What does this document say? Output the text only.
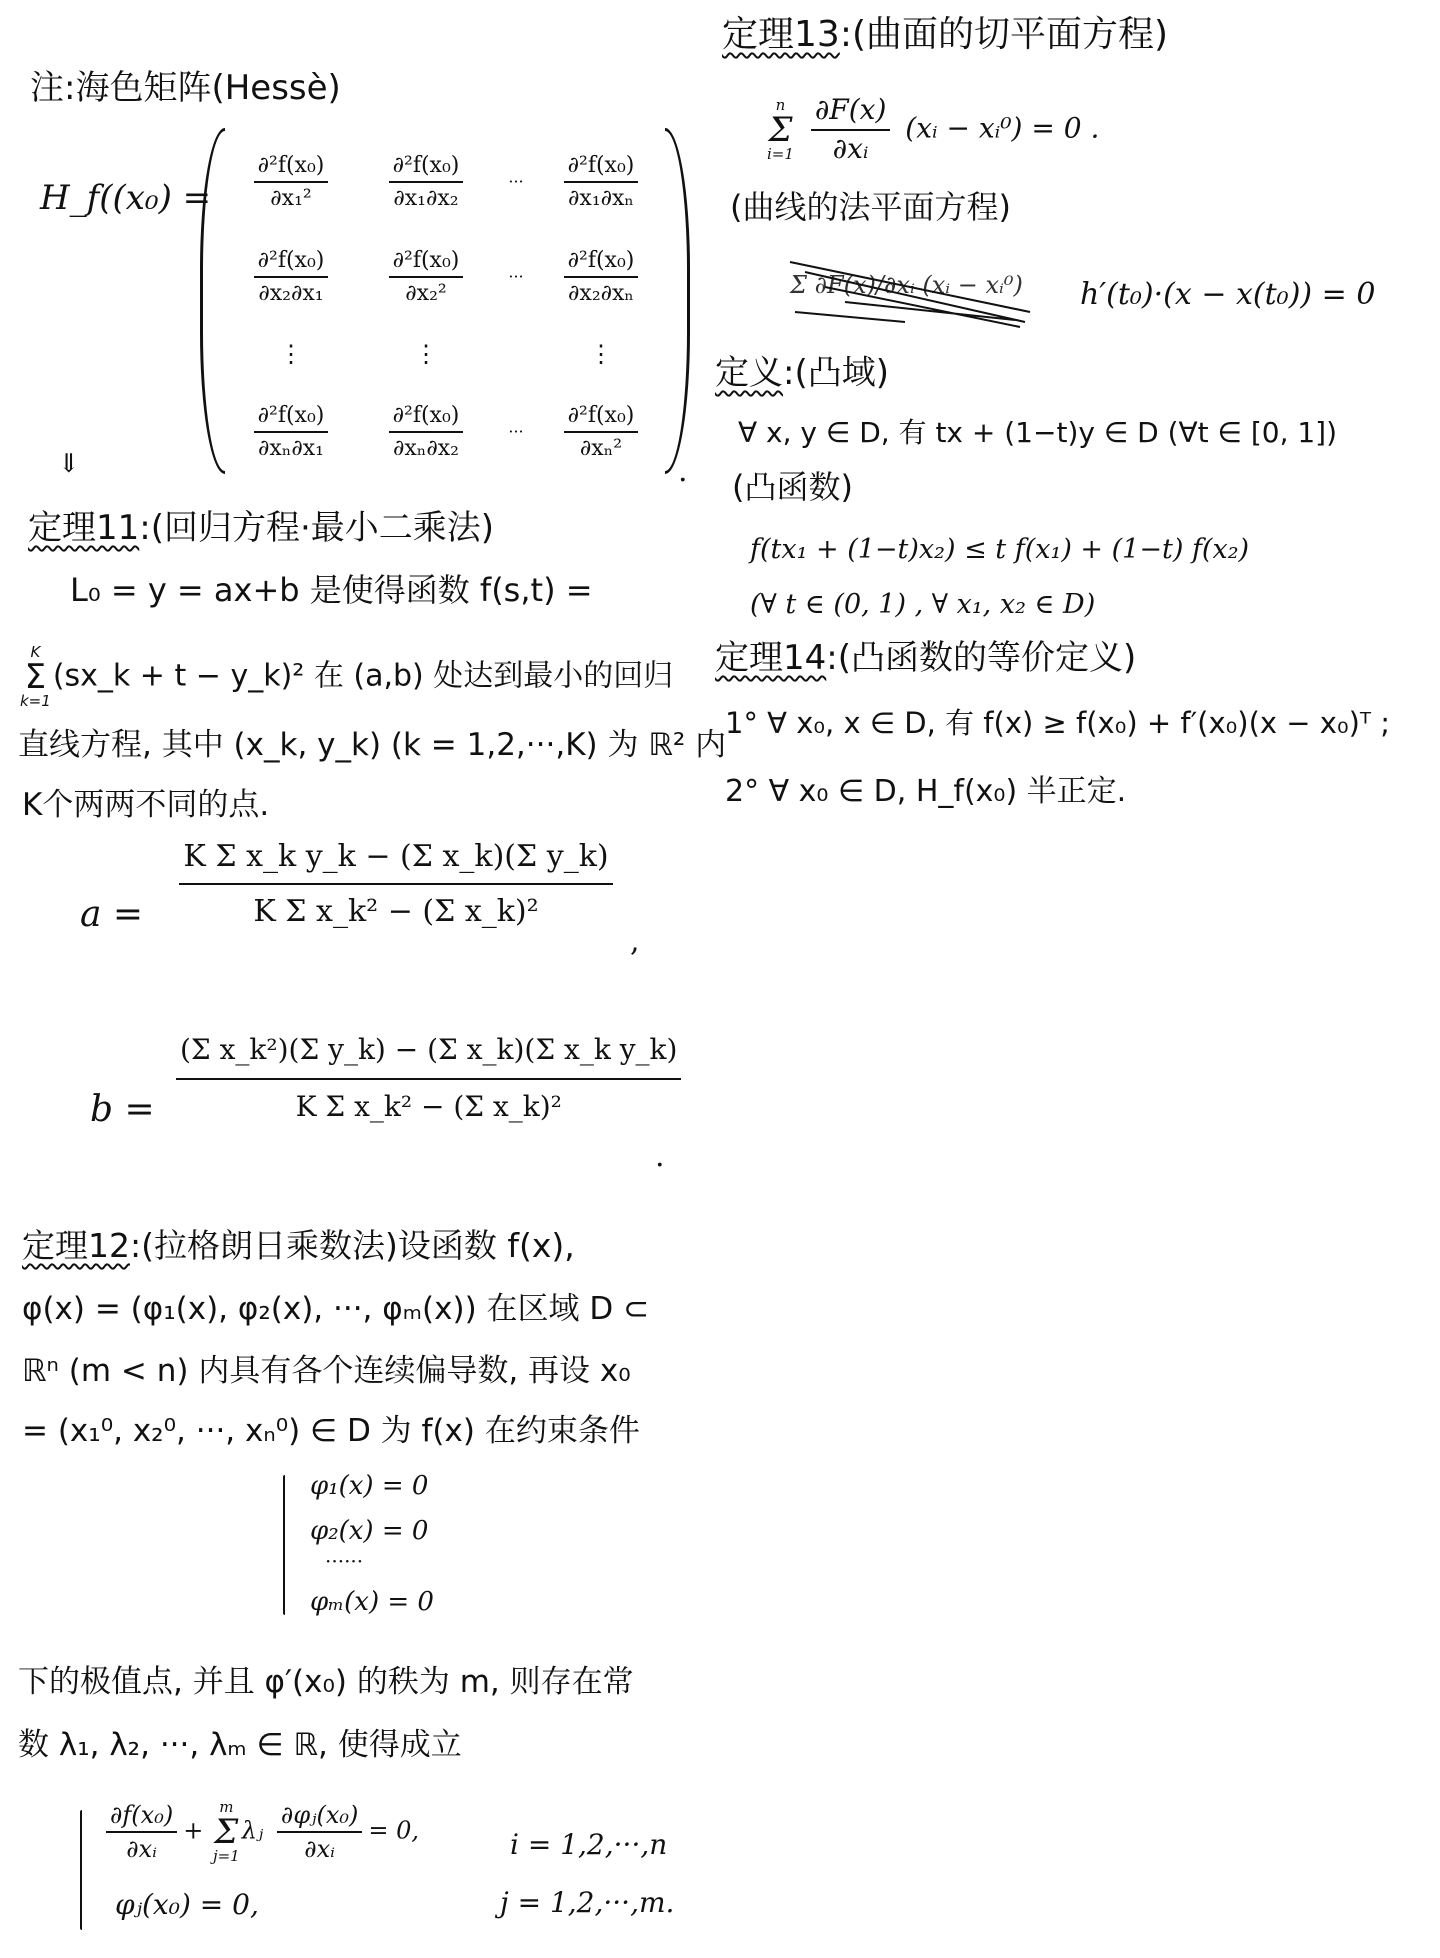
注:海色矩阵(Hessè)
H_f((x₀) = $\frac{\text{∂²f(x₀)}}{\text{∂x₁²}}$	$\frac{\text{∂²f(x₀)}}{\text{∂x₁∂x₂}}$	··· $\frac{\text{∂²f(x₀)}}{\text{∂x₁∂xₙ}}$
$\frac{\text{∂²f(x₀)}}{\text{∂x₂∂x₁}}$	$\frac{\text{∂²f(x₀)}}{\text{∂x₂²}}$	··· $\frac{\text{∂²f(x₀)}}{\text{∂x₂∂xₙ}}$
⋮	⋮	⋮
$\frac{\text{∂²f(x₀)}}{\text{∂xₙ∂x₁}}$	$\frac{\text{∂²f(x₀)}}{\text{∂xₙ∂x₂}}$	··· $\frac{\text{∂²f(x₀)}}{\text{∂xₙ²}}$
.
⇓
定理11:(回归方程·最小二乘法)
L₀ = y = ax+b 是使得函数 f(s,t) =
K
Σ
k=1
(sx_k + t − y_k)² 在 (a,b) 处达到最小的回归
直线方程, 其中 (x_k, y_k) (k = 1,2,···,K) 为 ℝ² 内
K个两两不同的点.
$a = \frac{\text{K Σ x\_k y\_k − (Σ x\_k)(Σ y\_k)}}{\text{K Σ x\_k² − (Σ x\_k)²}}$
,
$b = \frac{\text{(Σ x\_k²)(Σ y\_k) − (Σ x\_k)(Σ x\_k y\_k)}}{\text{K Σ x\_k² − (Σ x\_k)²}}$
.
定理12:(拉格朗日乘数法)设函数 f(x),
φ(x) = (φ₁(x), φ₂(x), ···, φₘ(x)) 在区域 D ⊂
ℝⁿ (m < n) 内具有各个连续偏导数, 再设 x₀
= (x₁⁰, x₂⁰, ···, xₙ⁰) ∈ D 为 f(x) 在约束条件
φ₁(x) = 0
φ₂(x) = 0
······
φₘ(x) = 0
下的极值点, 并且 φ′(x₀) 的秩为 m, 则存在常
数 λ₁, λ₂, ···, λₘ ∈ ℝ, 使得成立
$\frac{\text{∂f(x₀)}}{\text{∂xᵢ}}$ +
m
Σ
j=1
λⱼ $\frac{\text{∂φⱼ(x₀)}}{\text{∂xᵢ}} = 0$,	i = 1,2,···,n
φⱼ(x₀) = 0,	j = 1,2,···,m.
定理13:(曲面的切平面方程)
n
Σ
i=1
$\frac{\partial F(x)}{\text{∂xᵢ}}$ (xᵢ − xᵢ⁰) = 0 .
(曲线的法平面方程)
Σ ∂F(x)/∂xᵢ (xᵢ − xᵢ⁰) h′(t₀)·(x − x(t₀)) = 0
定义:(凸域)
∀ x, y ∈ D, 有 tx + (1−t)y ∈ D (∀t ∈ [0, 1])
(凸函数)
f(tx₁ + (1−t)x₂) ≤ t f(x₁) + (1−t) f(x₂)
(∀ t ∈ (0, 1) , ∀ x₁, x₂ ∈ D)
定理14:(凸函数的等价定义)
1° ∀ x₀, x ∈ D, 有 f(x) ≥ f(x₀) + f′(x₀)(x − x₀)ᵀ ;
2° ∀ x₀ ∈ D, H_f(x₀) 半正定.
